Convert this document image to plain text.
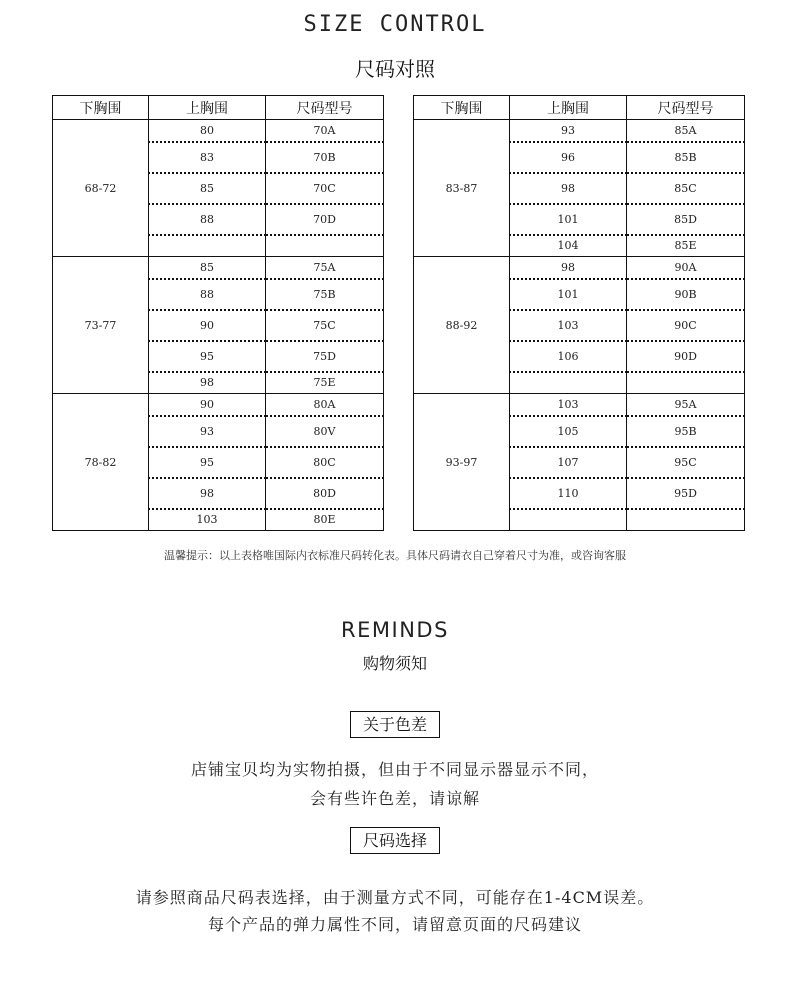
SIZE CONTROL
尺码对照
下胸围	上胸围	尺码型号
68-72	80	70A
	83	70B
	85	70C
	88	70D

73-77	85	75A
	88	75B
	90	75C
	95	75D
	98	75E
78-82	90	80A
	93	80V
	95	80C
	98	80D
	103	80E
下胸围	上胸围	尺码型号
83-87	93	85A
	96	85B
	98	85C
	101	85D
	104	85E
88-92	98	90A
	101	90B
	103	90C
	106	90D

93-97	103	95A
	105	95B
	107	95C
	110	95D

温馨提示：以上表格唯国际内衣标准尺码转化表。具体尺码请衣自己穿着尺寸为准，或咨询客服
REMINDS
购物须知
关于色差
店铺宝贝均为实物拍摄，但由于不同显示器显示不同，
会有些许色差，请谅解
尺码选择
请参照商品尺码表选择，由于测量方式不同，可能存在1-4CM误差。
每个产品的弹力属性不同，请留意页面的尺码建议
